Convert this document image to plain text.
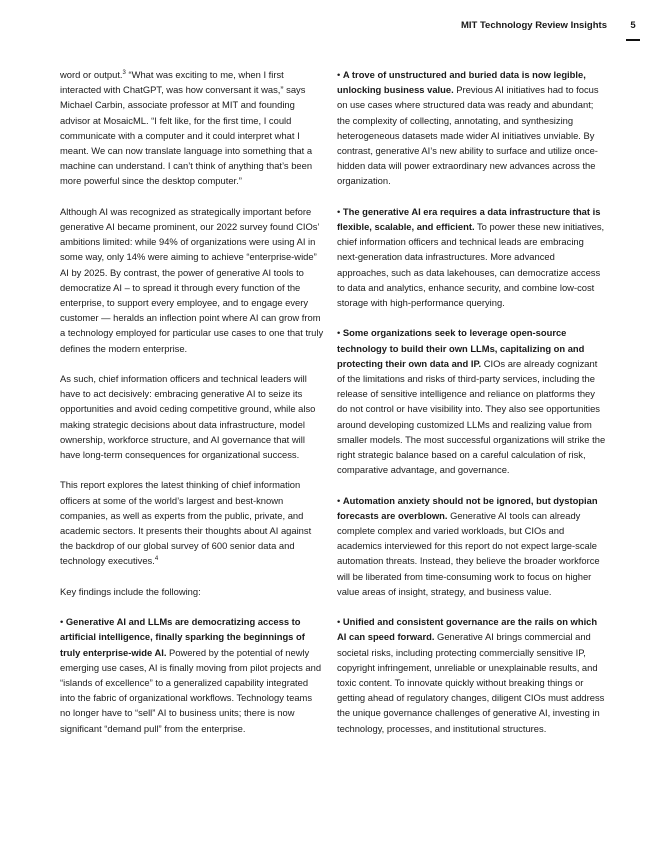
MIT Technology Review Insights	5

word or output.$^3$ “What was exciting to me, when I first interacted with ChatGPT, was how conversant it was,” says Michael Carbin, associate professor at MIT and founding advisor at MosaicML. “I felt like, for the first time, I could communicate with a computer and it could interpret what I meant. We can now translate language into something that a machine can understand. I can’t think of anything that’s been more powerful since the desktop computer.”

Although AI was recognized as strategically important before generative AI became prominent, our 2022 survey found CIOs’ ambitions limited: while 94% of organizations were using AI in some way, only 14% were aiming to achieve “enterprise-wide” AI by 2025. By contrast, the power of generative AI tools to democratize AI – to spread it through every function of the enterprise, to support every employee, and to engage every customer — heralds an inflection point where AI can grow from a technology employed for particular use cases to one that truly defines the modern enterprise.

As such, chief information officers and technical leaders will have to act decisively: embracing generative AI to seize its opportunities and avoid ceding competitive ground, while also making strategic decisions about data infrastructure, model ownership, workforce structure, and AI governance that will have long-term consequences for organizational success.

This report explores the latest thinking of chief information officers at some of the world’s largest and best-known companies, as well as experts from the public, private, and academic sectors. It presents their thoughts about AI against the backdrop of our global survey of 600 senior data and technology executives.$^4$

Key findings include the following:

• Generative AI and LLMs are democratizing access to artificial intelligence, finally sparking the beginnings of truly enterprise-wide AI. Powered by the potential of newly emerging use cases, AI is finally moving from pilot projects and “islands of excellence” to a generalized capability integrated into the fabric of organizational workflows. Technology teams no longer have to “sell” AI to business units; there is now significant “demand pull” from the enterprise.

• A trove of unstructured and buried data is now legible, unlocking business value. Previous AI initiatives had to focus on use cases where structured data was ready and abundant; the complexity of collecting, annotating, and synthesizing heterogeneous datasets made wider AI initiatives unviable. By contrast, generative AI’s new ability to surface and utilize once-hidden data will power extraordinary new advances across the organization.

• The generative AI era requires a data infrastructure that is flexible, scalable, and efficient. To power these new initiatives, chief information officers and technical leads are embracing next-generation data infrastructures. More advanced approaches, such as data lakehouses, can democratize access to data and analytics, enhance security, and combine low-cost storage with high-performance querying.

• Some organizations seek to leverage open-source technology to build their own LLMs, capitalizing on and protecting their own data and IP. CIOs are already cognizant of the limitations and risks of third-party services, including the release of sensitive intelligence and reliance on platforms they do not control or have visibility into. They also see opportunities around developing customized LLMs and realizing value from smaller models. The most successful organizations will strike the right strategic balance based on a careful calculation of risk, comparative advantage, and governance.

• Automation anxiety should not be ignored, but dystopian forecasts are overblown. Generative AI tools can already complete complex and varied workloads, but CIOs and academics interviewed for this report do not expect large-scale automation threats. Instead, they believe the broader workforce will be liberated from time-consuming work to focus on higher value areas of insight, strategy, and business value.

• Unified and consistent governance are the rails on which AI can speed forward. Generative AI brings commercial and societal risks, including protecting commercially sensitive IP, copyright infringement, unreliable or unexplainable results, and toxic content. To innovate quickly without breaking things or getting ahead of regulatory changes, diligent CIOs must address the unique governance challenges of generative AI, investing in technology, processes, and institutional structures.
